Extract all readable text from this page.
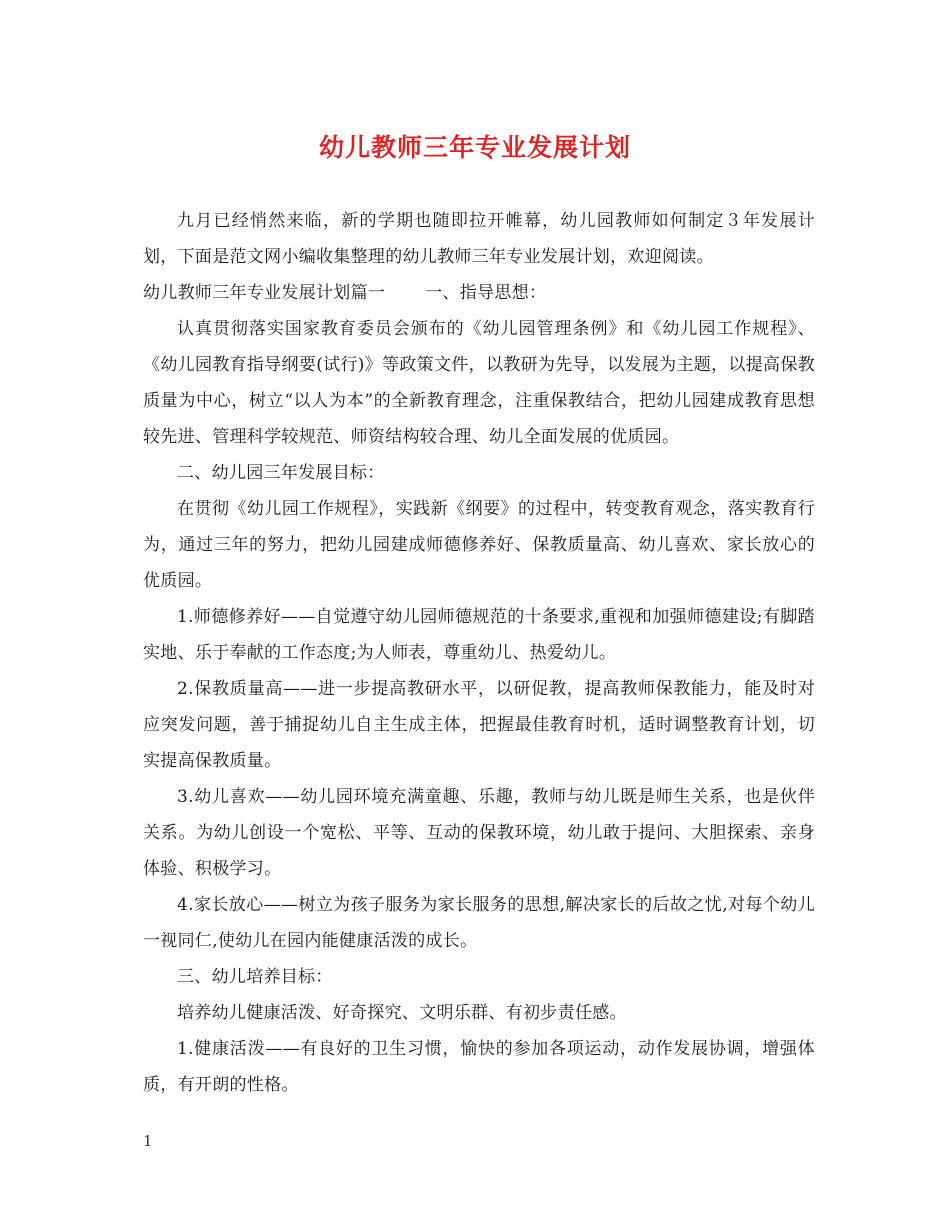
幼儿教师三年专业发展计划

九月已经悄然来临，新的学期也随即拉开帷幕，幼儿园教师如何制定３年发展计划，下面是范文网小编收集整理的幼儿教师三年专业发展计划，欢迎阅读。

幼儿教师三年专业发展计划篇一 一、指导思想：

认真贯彻落实国家教育委员会颁布的《幼儿园管理条例》和《幼儿园工作规程》、《幼儿园教育指导纲要(试行)》等政策文件，以教研为先导，以发展为主题，以提高保教质量为中心，树立“以人为本”的全新教育理念，注重保教结合，把幼儿园建成教育思想较先进、管理科学较规范、师资结构较合理、幼儿全面发展的优质园。

二、幼儿园三年发展目标：

在贯彻《幼儿园工作规程》，实践新《纲要》的过程中，转变教育观念，落实教育行为，通过三年的努力，把幼儿园建成师德修养好、保教质量高、幼儿喜欢、家长放心的优质园。

1.师德修养好——自觉遵守幼儿园师德规范的十条要求,重视和加强师德建设;有脚踏实地、乐于奉献的工作态度;为人师表，尊重幼儿、热爱幼儿。

2.保教质量高——进一步提高教研水平，以研促教，提高教师保教能力，能及时对应突发问题，善于捕捉幼儿自主生成主体，把握最佳教育时机，适时调整教育计划，切实提高保教质量。

3.幼儿喜欢——幼儿园环境充满童趣、乐趣，教师与幼儿既是师生关系，也是伙伴关系。为幼儿创设一个宽松、平等、互动的保教环境，幼儿敢于提问、大胆探索、亲身体验、积极学习。

4.家长放心——树立为孩子服务为家长服务的思想,解决家长的后故之忧,对每个幼儿一视同仁,使幼儿在园内能健康活泼的成长。

三、幼儿培养目标：

培养幼儿健康活泼、好奇探究、文明乐群、有初步责任感。

1.健康活泼——有良好的卫生习惯，愉快的参加各项运动，动作发展协调，增强体质，有开朗的性格。

1
